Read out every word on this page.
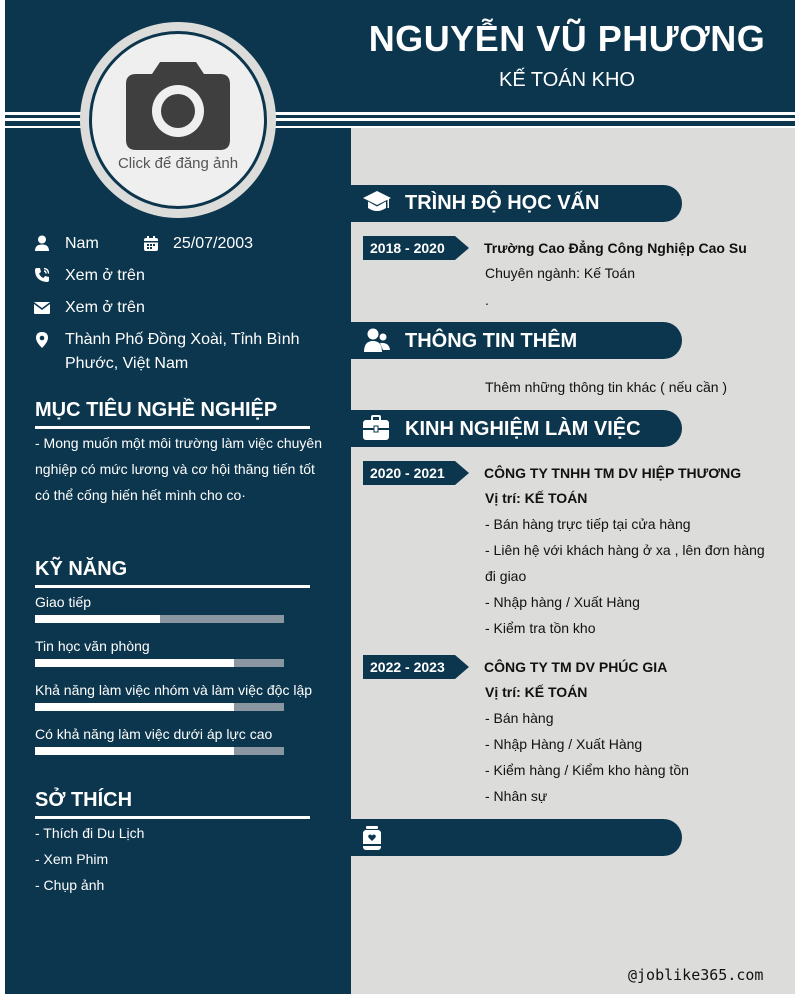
NGUYỄN VŨ PHƯƠNG
KẾ TOÁN KHO
Click để đăng ảnh
Nam	25/07/2003
Xem ở trên
Xem ở trên
Thành Phố Đồng Xoài, Tỉnh Bình
Phước, Việt Nam
MỤC TIÊU NGHỀ NGHIỆP
- Mong muốn một môi trường làm việc chuyên
nghiệp có mức lương và cơ hội thăng tiến tốt
có thể cống hiến hết mình cho co·
KỸ NĂNG
Giao tiếp
Tin học văn phòng
Khả năng làm việc nhóm và làm việc độc lập
Có khả năng làm việc dưới áp lực cao
SỞ THÍCH
- Thích đi Du Lịch
- Xem Phim
- Chụp ảnh
TRÌNH ĐỘ HỌC VẤN
2018 - 2020	Trường Cao Đẳng Công Nghiệp Cao Su
Chuyên ngành: Kế Toán
.
THÔNG TIN THÊM
Thêm những thông tin khác ( nếu cần )
KINH NGHIỆM LÀM VIỆC
2020 - 2021	CÔNG TY TNHH TM DV HIỆP THƯƠNG
Vị trí: KẾ TOÁN
- Bán hàng trực tiếp tại cửa hàng
- Liên hệ với khách hàng ở xa , lên đơn hàng
đi giao
- Nhập hàng / Xuất Hàng
- Kiểm tra tồn kho
2022 - 2023	CÔNG TY TM DV PHÚC GIA
Vị trí: KẾ TOÁN
- Bán hàng
- Nhập Hàng / Xuất Hàng
- Kiểm hàng / Kiểm kho hàng tồn
- Nhân sự
@joblike365.com
